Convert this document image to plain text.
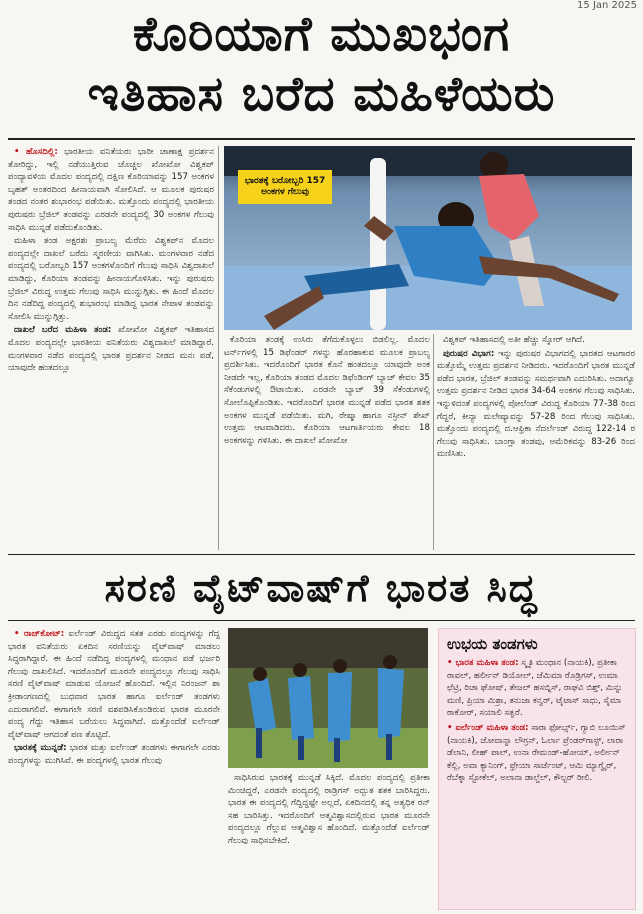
15 Jan 2025
ಕೊರಿಯಾಗೆ ಮುಖಭಂಗ
ಇತಿಹಾಸ ಬರೆದ ಮಹಿಳೆಯರು

• ಹೊಸದಿಲ್ಲಿ: ಭಾರತೀಯ ವನಿತೆಯರು ಭಾರೀ ಚಾಣಾಕ್ಷ ಪ್ರದರ್ಶನ ತೋರಿದ್ದು, ಇಲ್ಲಿ ನಡೆಯುತ್ತಿರುವ ಚೊಚ್ಚಲ ಖೋಖೋ ವಿಶ್ವಕಪ್ ಪಂದ್ಯಾವಳಿಯ ಮೊದಲ ಪಂದ್ಯದಲ್ಲಿ ದಕ್ಷಿಣ ಕೊರಿಯಾವನ್ನು 157 ಅಂಕಗಳ ಬೃಹತ್ ಅಂತರದಿಂದ ಹೀನಾಯವಾಗಿ ಸೋಲಿಸಿದೆ. ಆ ಮೂಲಕ ಪುರುಷರ ತಂಡದ ನಂತರ ಶುಭಾರಂಭ ಪಡೆಯಿತು. ಮತ್ತೊಂದು ಪಂದ್ಯದಲ್ಲಿ ಭಾರತೀಯ ಪುರುಷರು ಬ್ರೆಜಿಲ್ ತಂಡವನ್ನು ಎರಡನೇ ಪಂದ್ಯದಲ್ಲಿ 30 ಅಂಕಗಳ ಗೆಲುವು ಸಾಧಿಸಿ ಮುನ್ನಡೆ ಪಡೆದುಕೊಂಡಿತು.

ಮಹಿಳಾ ತಂಡ ಅಕ್ಷರಶಃ ಪ್ರಾಬಲ್ಯ ಮೆರೆದು ವಿಶ್ವಕಪ್‌ನ ಮೊದಲ ಪಂದ್ಯದಲ್ಲೇ ದಾಖಲೆ ಬರೆದು ಸ್ಮರಣೀಯ ವಾಗಿಸಿತು. ಮಂಗಳವಾರ ನಡೆದ ಪಂದ್ಯದಲ್ಲಿ ಬರೋಬ್ಬರಿ 157 ಅಂಕಗಳೊಂದಿಗೆ ಗೆಲುವು ಸಾಧಿಸಿ ವಿಶ್ವದಾಖಲೆ ಮಾಡಿದ್ದು, ಕೊರಿಯಾ ತಂಡವನ್ನು ಹೀನಾಯಗೊಳಿಸಿತು. ಇನ್ನು ಪುರುಷರು ಬ್ರೆಜಿಲ್ ವಿರುದ್ಧ ಉತ್ತಮ ಗೆಲುವು ಸಾಧಿಸಿ ಮುನ್ನುಗ್ಗಿತು. ಈ ಹಿಂದೆ ಮೊದಲ ದಿನ ನಡೆದಿದ್ದ ಪಂದ್ಯದಲ್ಲಿ ಶುಭಾರಂಭ ಮಾಡಿದ್ದ ಭಾರತ ನೇಪಾಳ ತಂಡವನ್ನು ಸೋಲಿಸಿ ಮುನ್ನುಗ್ಗಿತ್ತು.

ದಾಖಲೆ ಬರೆದ ಮಹಿಳಾ ತಂಡ: ಖೋಖೋ ವಿಶ್ವಕಪ್ ಇತಿಹಾಸದ ಮೊದಲ ಪಂದ್ಯದಲ್ಲೇ ಭಾರತೀಯ ವನಿತೆಯರು ವಿಶ್ವದಾಖಲೆ ಮಾಡಿದ್ದಾರೆ. ಮಂಗಳವಾರ ನಡೆದ ಪಂದ್ಯದಲ್ಲಿ ಭಾರತ ಪ್ರದರ್ಶನ ನೀಡದ ಮನಃ ಪಡೆ, ಯಾವುದೇ ಹಂತದಲ್ಲೂ

ಭಾರತಕ್ಕೆ ಬರೋಬ್ಬರಿ 157 ಅಂಕಗಳ ಗೆಲುವು

ಕೊರಿಯಾ ತಂಡಕ್ಕೆ ಉಸಿರು ತೆಗೆದುಕೊಳ್ಳಲು ಬಿಡಲಿಲ್ಲ. ಮೊದಲ ಟರ್ನ್‌ಗಳಲ್ಲಿ 15 ಡಿಫೆಂಡರ್ ಗಳನ್ನು ಹೊರಹಾಕುವ ಮೂಲಕ ಪ್ರಾಬಲ್ಯ ಪ್ರದರ್ಶಿಸಿತು. ಇದರೊಂದಿಗೆ ಭಾರತ ಕೊನೆ ಹಂತದಲ್ಲೂ ಯಾವುದೇ ಅಂಕ ನೀಡದೇ ಇಲ್ಲ, ಕೊರಿಯಾ ತಂಡದ ಮೊದಲ ಡಿಫೆಂಡಿಂಗ್ ಬ್ಯಾಚ್ ಕೇವಲ 35 ಸೆಕೆಂಡುಗಳಲ್ಲಿ ಔಟಾಯಿತು. ಎರಡನೇ ಬ್ಯಾಚ್ 39 ಸೆಕೆಂಡುಗಳಲ್ಲಿ ಸೋಲೊಪ್ಪಿಕೊಂಡಿತು. ಇದರೊಂದಿಗೆ ಭಾರತ ಮುನ್ನಡೆ ಪಡೆದ ಭಾರತ ಶತಕ ಅಂಕಗಳ ಮುನ್ನಡೆ ಪಡೆಯಿತು. ಮಗಿ, ರೇಷ್ಮಾ ಹಾಗೂ ನಸ್ರೀನ್ ಶೇಖ್ ಉತ್ತಮ ಆಟವಾಡಿದರು. ಕೊರಿಯಾ ಆಟಗಾರ್ತಿಯರು ಕೇವಲ 18 ಅಂಕಗಳನ್ನು ಗಳಿಸಿತು. ಈ ದಾಖಲೆ ಖೋಖೋ

ವಿಶ್ವಕಪ್ ಇತಿಹಾಸದಲ್ಲಿ ಅತೀ ಹೆಚ್ಚು ಸ್ಕೋರ್ ಆಗಿದೆ.

ಪುರುಷರ ವಿಭಾಗ: ಇನ್ನು ಪುರುಷರ ವಿಭಾಗದಲ್ಲಿ ಭಾರತದ ಆಟಗಾರರ ಮತ್ತೊಮ್ಮೆ ಉತ್ತಮ ಪ್ರದರ್ಶನ ನೀಡಿದರು. ಇದರೊಂದಿಗೆ ಭಾರತ ಮುನ್ನಡೆ ಪಡೆದ ಭಾರತ, ಬ್ರೆಜಿಲ್ ತಂಡವನ್ನು ಸಮರ್ಥವಾಗಿ ಎದುರಿಸಿತು. ಅದಾಗ್ಯೂ ಉತ್ತಮ ಪ್ರದರ್ಶನ ನೀಡಿದ ಭಾರತ 34-64 ಅಂಕಗಳ ಗೆಲುವು ಸಾಧಿಸಿತು. ಇನ್ನುಳಿದಂತೆ ಪಂದ್ಯಗಳಲ್ಲಿ ಪೋಲೆಂಡ್ ವಿರುದ್ಧ ಕೊರಿಯಾ 77-38 ರಿಂದ ಗೆದ್ದರೆ, ಕೀನ್ಯಾ ಮಲೇಷ್ಯಾವನ್ನು 57-28 ರಿಂದ ಗೆಲುವು ಸಾಧಿಸಿತು. ಮತ್ತೊಂದು ಪಂದ್ಯದಲ್ಲಿ ದ.ಆಫ್ರಿಕಾ ನೆದರ್ಲೆಂಡ್ ವಿರುದ್ಧ 122-14 ರ ಗೆಲುವು ಸಾಧಿಸಿತು. ಬಾಂಗ್ಲಾ ತಂಡವು, ಅಮೆರಿಕವನ್ನು 83-26 ರಿಂದ ಮಣಿಸಿತು.

ಸರಣಿ ವೈಟ್‌ವಾಷ್‌ಗೆ ಭಾರತ ಸಿದ್ಧ

• ರಾಜ್‌ಕೋಟ್: ಐರ್ಲೆಂಡ್ ವಿರುದ್ಧದ ಸತತ ಎರಡು ಪಂದ್ಯಗಳನ್ನು ಗೆದ್ದ ಭಾರತ ವನಿತೆಯರು ಏಕದಿನ ಸರಣಿಯನ್ನು ವೈಟ್‌ವಾಷ್ ಮಾಡಲು ಸಿದ್ಧರಾಗಿದ್ದಾರೆ. ಈ ಹಿಂದೆ ನಡೆದಿದ್ದ ಪಂದ್ಯಗಳಲ್ಲಿ ಮಂಧಾನ ಪಡೆ ಭರ್ಜರಿ ಗೆಲುವು ದಾಖಲಿಸಿದೆ. ಇದರೊಂದಿಗೆ ಮೂರನೇ ಪಂದ್ಯದಲ್ಲೂ ಗೆಲುವು ಸಾಧಿಸಿ ಸರಣಿ ವೈಟ್‌ವಾಷ್ ಮಾಡುವ ಯೋಜನೆ ಹೊಂದಿದೆ. ಇಲ್ಲಿನ ನಿರಂಜನ್ ಶಾ ಕ್ರೀಡಾಂಗಣದಲ್ಲಿ ಬುಧವಾರ ಭಾರತ ಹಾಗೂ ಐರ್ಲೆಂಡ್ ತಂಡಗಳು ಎದುರಾಗಲಿವೆ. ಈಗಾಗಲೇ ಸರಣಿ ವಶಪಡಿಸಿಕೊಂಡಿರುವ ಭಾರತ ಮೂರನೇ ಪಂದ್ಯ ಗೆದ್ದು ಇತಿಹಾಸ ಬರೆಯಲು ಸಿದ್ಧವಾಗಿದೆ. ಮತ್ತೊಂದೆಡೆ ಐರ್ಲೆಂಡ್ ವೈಟ್‌ವಾಷ್ ಆಗದಂತೆ ಪಣ ತೊಟ್ಟಿದೆ.

ಭಾರತಕ್ಕೆ ಮುನ್ನಡೆ: ಭಾರತ ಮತ್ತು ಐರ್ಲೆಂಡ್ ತಂಡಗಳು ಈಗಾಗಲೇ ಎರಡು ಪಂದ್ಯಗಳನ್ನು ಮುಗಿಸಿವೆ. ಈ ಪಂದ್ಯಗಳಲ್ಲಿ ಭಾರತ ಗೆಲುವು

ಸಾಧಿಸಿರುವ ಭಾರತಕ್ಕೆ ಮುನ್ನಡೆ ಸಿಕ್ಕಿದೆ. ಮೊದಲ ಪಂದ್ಯದಲ್ಲಿ ಪ್ರತೀಕಾ ಮಿಂಚಿದ್ದರೆ, ಎರಡನೇ ಪಂದ್ಯದಲ್ಲಿ ರಾಡ್ರಿಗಸ್ ಅದ್ಭುತ ಶತಕ ಬಾರಿಸಿದ್ದರು. ಭಾರತ ಈ ಪಂದ್ಯದಲ್ಲಿ ಗೆದ್ದಿದ್ದಷ್ಟೇ ಅಲ್ಲದೆ, ಏಕದಿನದಲ್ಲಿ ತನ್ನ ಅತ್ಯಧಿಕ ರನ್ ಸಹ ಬಾರಿಸಿತ್ತು. ಇದರೊಂದಿಗೆ ಆತ್ಮವಿಶ್ವಾಸದಲ್ಲಿರುವ ಭಾರತ ಮೂರನೇ ಪಂದ್ಯದಲ್ಲೂ ಗೆಲ್ಲುವ ಆತ್ಮವಿಶ್ವಾಸ ಹೊಂದಿದೆ. ಮತ್ತೊಂದೆಡೆ ಐರ್ಲೆಂಡ್ ಗೆಲುವು ಸಾಧಿಸಬೇಕಿದೆ.

ಉಭಯ ತಂಡಗಳು

• ಭಾರತ ಮಹಿಳಾ ತಂಡ: ಸ್ಮೃತಿ ಮಂಧಾನ (ನಾಯಕಿ), ಪ್ರತೀಕಾ ರಾವಲ್, ಹರ್ಲೀನ್ ಡಿಯೋಲ್, ಜೆಮಿಮಾ ರೊಡ್ರಿಗಸ್, ಉಮಾ ಛೆಟ್ರಿ, ರಿಚಾ ಘೋಷ್, ತೇಜಲ್ ಹಸಬ್ನಿಸ್, ರಾಘವಿ ಬಿಶ್ತ್, ಮಿನ್ನು ಮಣಿ, ಪ್ರಿಯಾ ಮಿಶ್ರಾ, ತನುಜಾ ಕನ್ವರ್, ಟೈಟಾಸ್ ಸಾಧು, ಸೈಮಾ ಠಾಕೋರ್, ಸಯಾಲಿ ಸತ್ಘರೆ.

• ಐರ್ಲೆಂಡ್ ಮಹಿಳಾ ತಂಡ: ಸಾರಾ ಫೋರ್ಬ್ಸ್, ಗ್ಯಾಬಿ ಲೂಯಿಸ್ (ನಾಯಕಿ), ಜೋವಾನ್ನಾ ಲೌಗ್ರನ್, ಓರ್ಲಾ ಪ್ರೆಂಡರ್‌ಗಾಸ್ಟ್, ಲಾರಾ ಡೆಲಾನಿ, ಲೀಹ್ ಪಾಲ್, ಉನಾ ರೇಮಂಡ್-ಹೋಯ್, ಅರ್ಲೀನ್ ಕೆಲ್ಲಿ, ಅವಾ ಕ್ಯಾನಿಂಗ್, ಫ್ರೇಯಾ ಸಾರ್ಜೆಂಟ್, ಆಮಿ ಮ್ಯಾಗ್ವೈರ್, ರೆಬೆಕ್ಕಾ ಸ್ಟೋಕೆಲ್, ಅಲಾನಾ ಡಾಲ್ಜೆಲ್, ಕೌಲ್ಟರ್ ರೀಲಿ.
